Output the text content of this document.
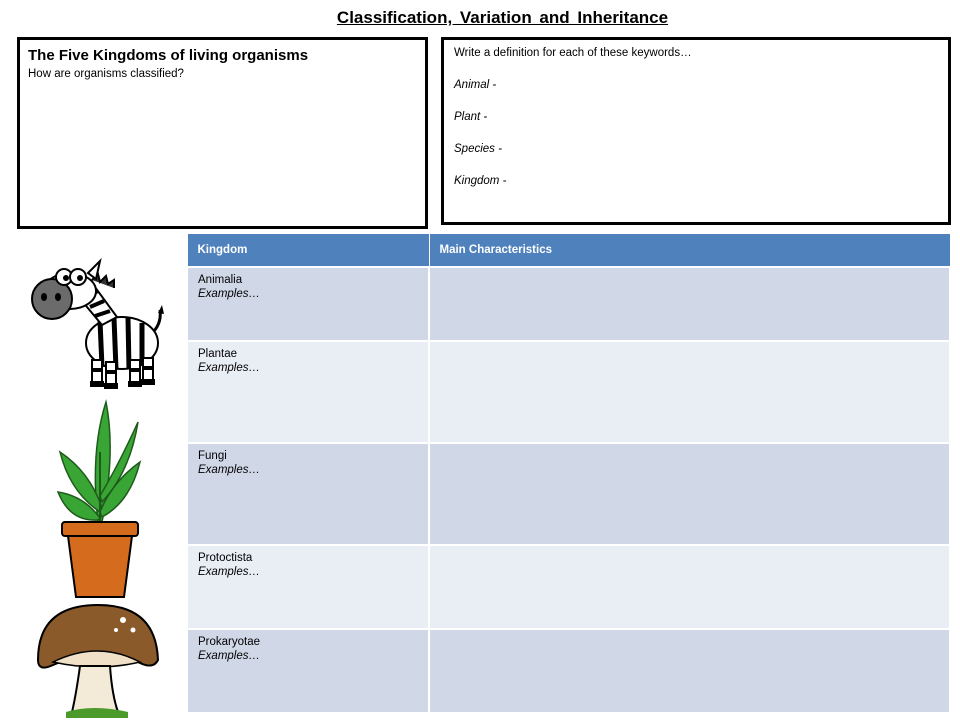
Classification, Variation and Inheritance
The Five Kingdoms of living organisms

How are organisms classified?

Write a definition for each of these keywords…
Animal -
Plant -
Species -
Kingdom -
Kingdom	Main Characteristics

Animalia
Examples…	

Plantae
Examples…	

Fungi
Examples…	

Protoctista
Examples…	

Prokaryotae
Examples…	
